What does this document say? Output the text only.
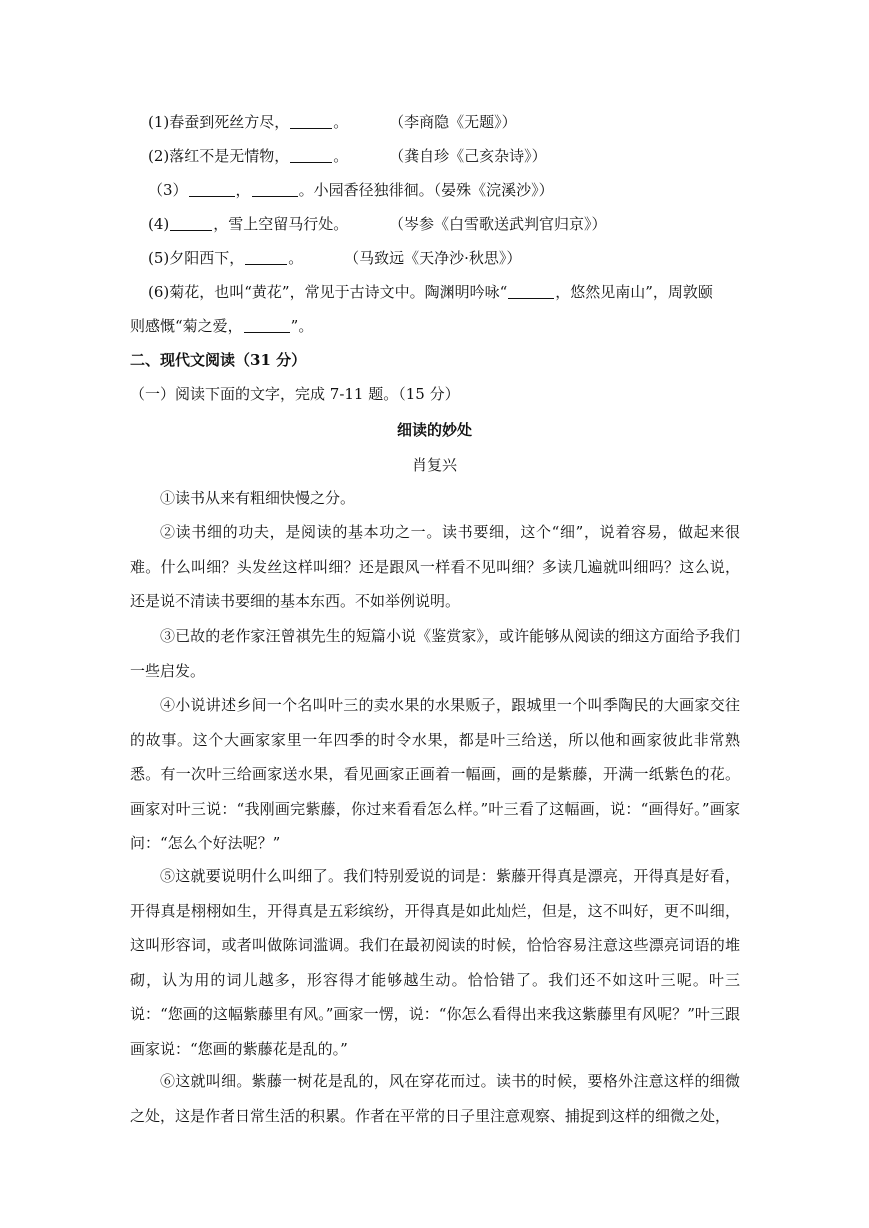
(1)春蚕到死丝方尽，	。	（李商隐《无题》）
(2)落红不是无情物，	。	（龚自珍《己亥杂诗》）
（3）	，	。小园香径独徘徊。（晏殊《浣溪沙》）
(4)	，雪上空留马行处。	（岑参《白雪歌送武判官归京》）
(5)夕阳西下，	。	（马致远《天净沙·秋思》）
(6)菊花，也叫“黄花”，常见于古诗文中。陶渊明吟咏“	，悠然见南山”，周敦颐
则感慨“菊之爱，	”。
二、现代文阅读（31 分）
（一）阅读下面的文字，完成 7-11 题。（15 分）
细读的妙处
肖复兴
①读书从来有粗细快慢之分。
②读书细的功夫，是阅读的基本功之一。读书要细，这个“细”，说着容易，做起来很难。什么叫细？头发丝这样叫细？还是跟风一样看不见叫细？多读几遍就叫细吗？这么说，还是说不清读书要细的基本东西。不如举例说明。
③已故的老作家汪曾祺先生的短篇小说《鉴赏家》，或许能够从阅读的细这方面给予我们一些启发。
④小说讲述乡间一个名叫叶三的卖水果的水果贩子，跟城里一个叫季陶民的大画家交往的故事。这个大画家家里一年四季的时令水果，都是叶三给送，所以他和画家彼此非常熟悉。有一次叶三给画家送水果，看见画家正画着一幅画，画的是紫藤，开满一纸紫色的花。画家对叶三说：“我刚画完紫藤，你过来看看怎么样。”叶三看了这幅画，说：“画得好。”画家问：“怎么个好法呢？”
⑤这就要说明什么叫细了。我们特别爱说的词是：紫藤开得真是漂亮，开得真是好看，开得真是栩栩如生，开得真是五彩缤纷，开得真是如此灿烂，但是，这不叫好，更不叫细，这叫形容词，或者叫做陈词滥调。我们在最初阅读的时候，恰恰容易注意这些漂亮词语的堆砌，认为用的词儿越多，形容得才能够越生动。恰恰错了。我们还不如这叶三呢。叶三说：“您画的这幅紫藤里有风。”画家一愣，说：“你怎么看得出来我这紫藤里有风呢？”叶三跟画家说：“您画的紫藤花是乱的。”
⑥这就叫细。紫藤一树花是乱的，风在穿花而过。读书的时候，要格外注意这样的细微之处，这是作者日常生活的积累。作者在平常的日子里注意观察、捕捉到这样的细微之处，
